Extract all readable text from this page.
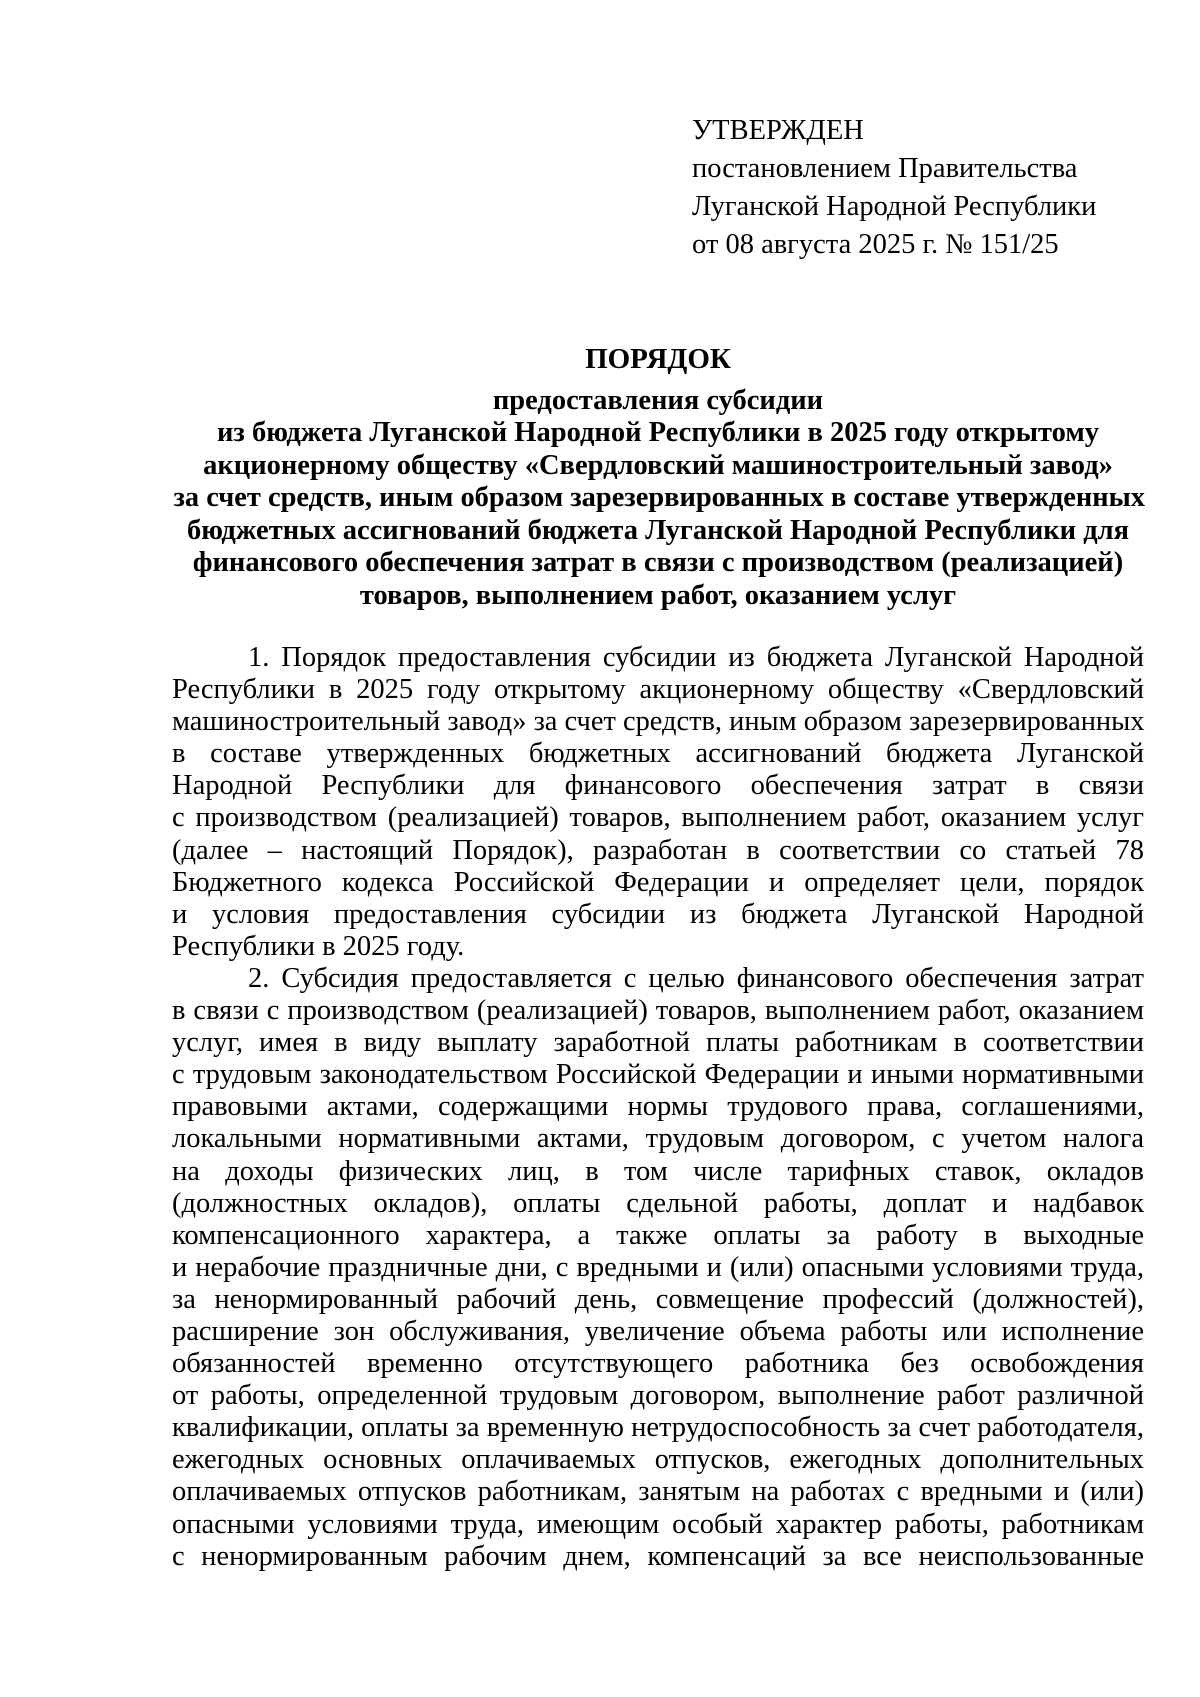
УТВЕРЖДЕН
постановлением Правительства
Луганской Народной Республики
от 08 августа 2025 г. № 151/25
ПОРЯДОК
предоставления субсидии
из бюджета Луганской Народной Республики в 2025 году открытому
акционерному обществу «Свердловский машиностроительный завод»
за счет средств, иным образом зарезервированных в составе утвержденных
бюджетных ассигнований бюджета Луганской Народной Республики для
финансового обеспечения затрат в связи с производством (реализацией)
товаров, выполнением работ, оказанием услуг
1. Порядок предоставления субсидии из бюджета Луганской Народной
Республики в 2025 году открытому акционерному обществу «Свердловский
машиностроительный завод» за счет средств, иным образом зарезервированных
в составе утвержденных бюджетных ассигнований бюджета Луганской
Народной Республики для финансового обеспечения затрат в связи
с производством (реализацией) товаров, выполнением работ, оказанием услуг
(далее – настоящий Порядок), разработан в соответствии со статьей 78
Бюджетного кодекса Российской Федерации и определяет цели, порядок
и условия предоставления субсидии из бюджета Луганской Народной
Республики в 2025 году.
2. Субсидия предоставляется с целью финансового обеспечения затрат
в связи с производством (реализацией) товаров, выполнением работ, оказанием
услуг, имея в виду выплату заработной платы работникам в соответствии
с трудовым законодательством Российской Федерации и иными нормативными
правовыми актами, содержащими нормы трудового права, соглашениями,
локальными нормативными актами, трудовым договором, с учетом налога
на доходы физических лиц, в том числе тарифных ставок, окладов
(должностных окладов), оплаты сдельной работы, доплат и надбавок
компенсационного характера, а также оплаты за работу в выходные
и нерабочие праздничные дни, с вредными и (или) опасными условиями труда,
за ненормированный рабочий день, совмещение профессий (должностей),
расширение зон обслуживания, увеличение объема работы или исполнение
обязанностей временно отсутствующего работника без освобождения
от работы, определенной трудовым договором, выполнение работ различной
квалификации, оплаты за временную нетрудоспособность за счет работодателя,
ежегодных основных оплачиваемых отпусков, ежегодных дополнительных
оплачиваемых отпусков работникам, занятым на работах с вредными и (или)
опасными условиями труда, имеющим особый характер работы, работникам
с ненормированным рабочим днем, компенсаций за все неиспользованные
